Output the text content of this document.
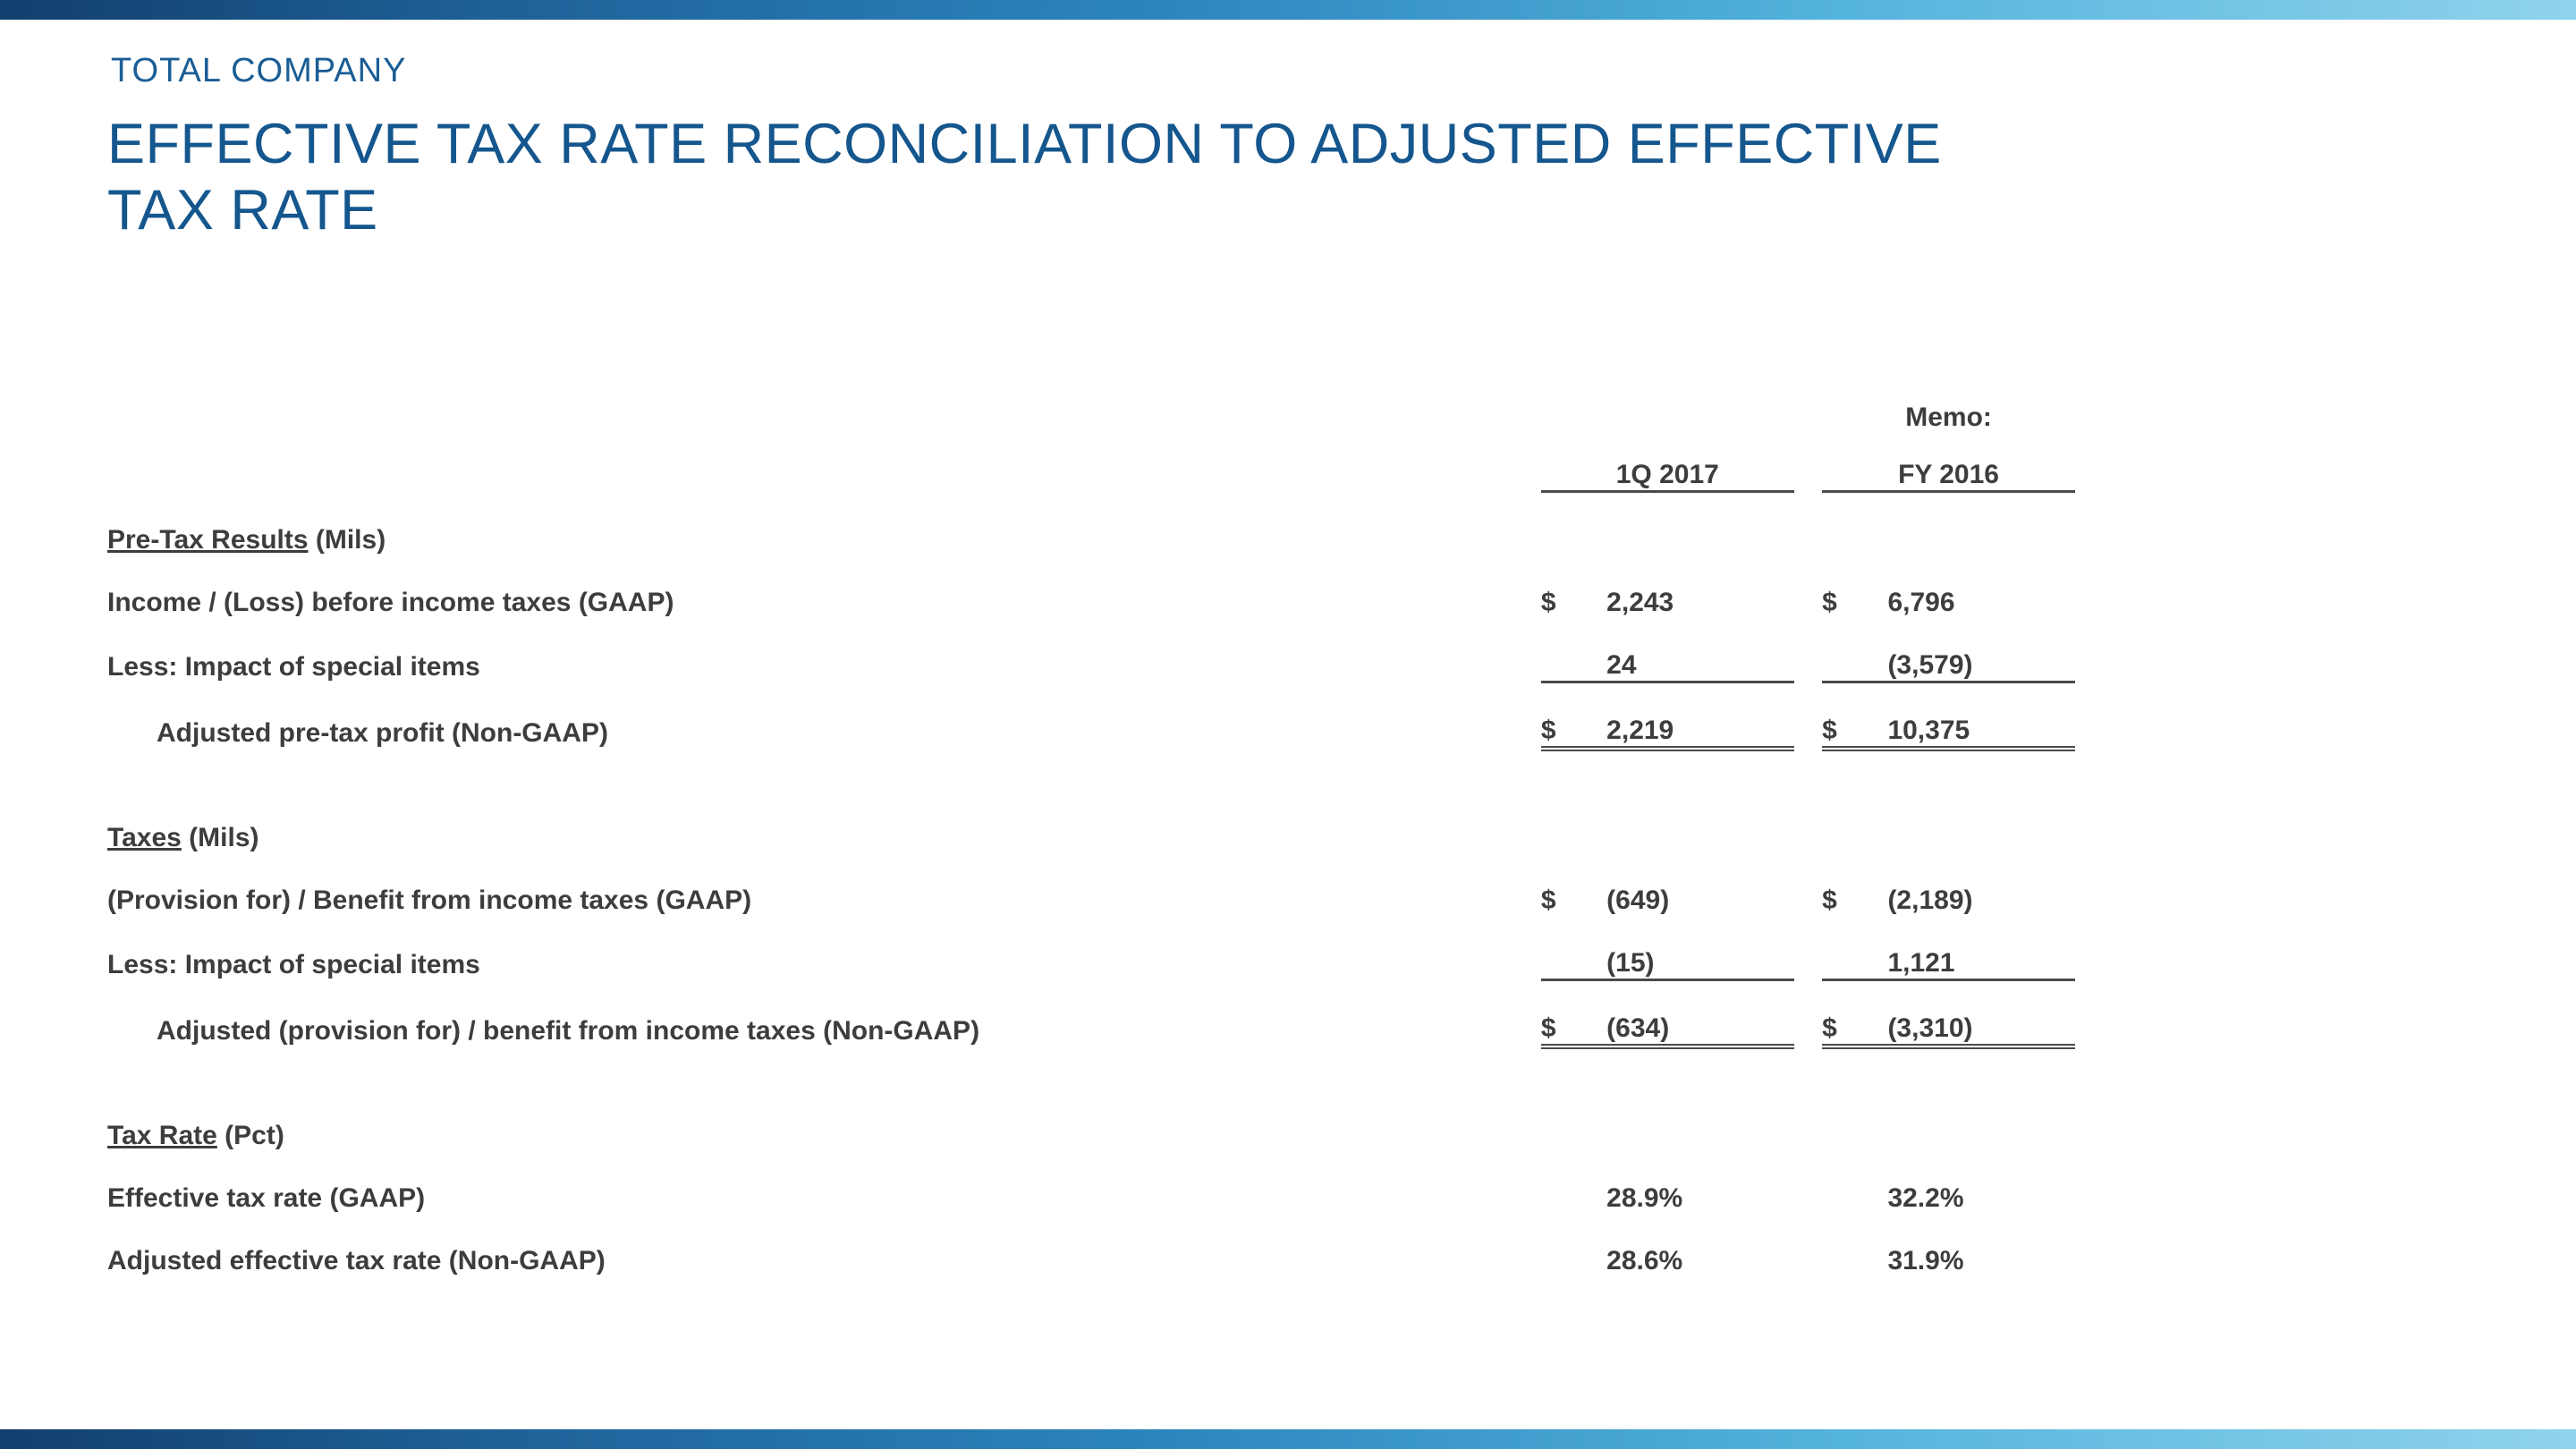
TOTAL COMPANY
EFFECTIVE TAX RATE RECONCILIATION TO ADJUSTED EFFECTIVE TAX RATE
				Memo:	
	1Q 2017			FY 2016	
Pre-Tax Results (Mils)					
Income / (Loss) before income taxes (GAAP)	$	2,243		$	6,796
Less: Impact of special items		24			(3,579)
Adjusted pre-tax profit (Non-GAAP)	$	2,219		$	10,375

Taxes (Mils)					
(Provision for) / Benefit from income taxes (GAAP)	$	(649)		$	(2,189)
Less: Impact of special items		(15)			1,121
Adjusted (provision for) / benefit from income taxes (Non-GAAP)	$	(634)		$	(3,310)

Tax Rate (Pct)					
Effective tax rate (GAAP)		28.9%			32.2%
Adjusted effective tax rate (Non-GAAP)		28.6%			31.9%
